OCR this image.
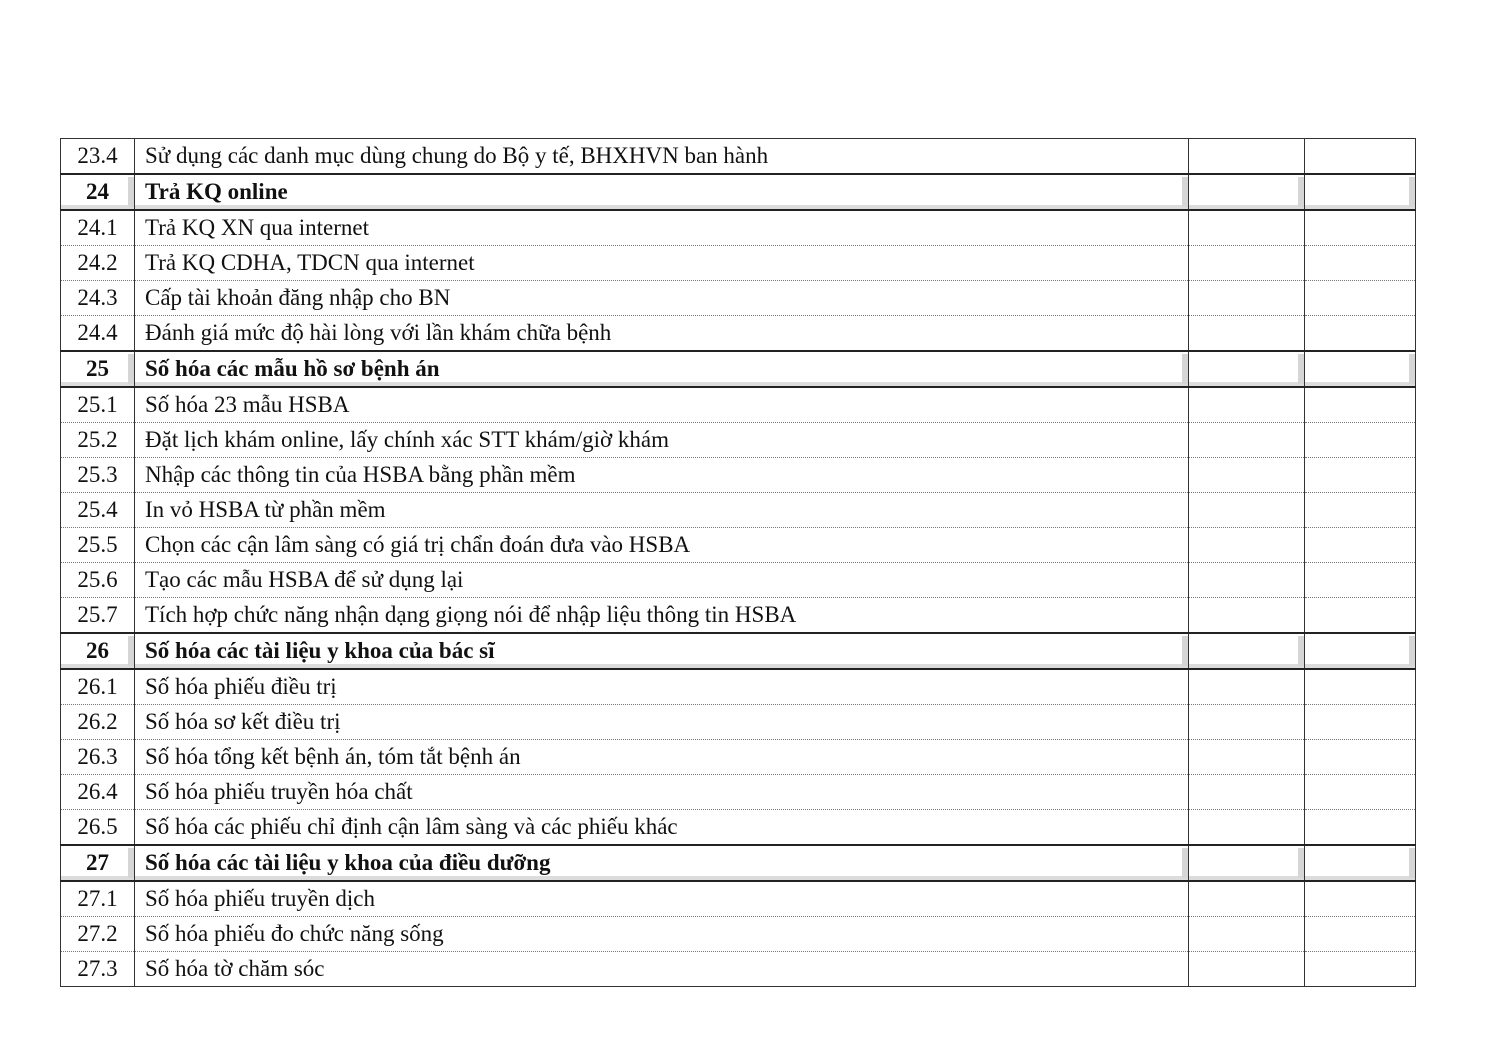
23.4	Sử dụng các danh mục dùng chung do Bộ y tế, BHXHVN ban hành		
24	Trả KQ online		
24.1	Trả KQ XN qua internet		
24.2	Trả KQ CDHA, TDCN qua internet		
24.3	Cấp tài khoản đăng nhập cho BN		
24.4	Đánh giá mức độ hài lòng với lần khám chữa bệnh		
25	Số hóa các mẫu hồ sơ bệnh án		
25.1	Số hóa 23 mẫu HSBA		
25.2	Đặt lịch khám online, lấy chính xác STT khám/giờ khám		
25.3	Nhập các thông tin của HSBA bằng phần mềm		
25.4	In vỏ HSBA từ phần mềm		
25.5	Chọn các cận lâm sàng có giá trị chẩn đoán đưa vào HSBA		
25.6	Tạo các mẫu HSBA để sử dụng lại		
25.7	Tích hợp chức năng nhận dạng giọng nói để nhập liệu thông tin HSBA		
26	Số hóa các tài liệu y khoa của bác sĩ		
26.1	Số hóa phiếu điều trị		
26.2	Số hóa sơ kết điều trị		
26.3	Số hóa tổng kết bệnh án, tóm tắt bệnh án		
26.4	Số hóa phiếu truyền hóa chất		
26.5	Số hóa các phiếu chỉ định cận lâm sàng và các phiếu khác		
27	Số hóa các tài liệu y khoa của điều dưỡng		
27.1	Số hóa phiếu truyền dịch		
27.2	Số hóa phiếu đo chức năng sống		
27.3	Số hóa tờ chăm sóc		
